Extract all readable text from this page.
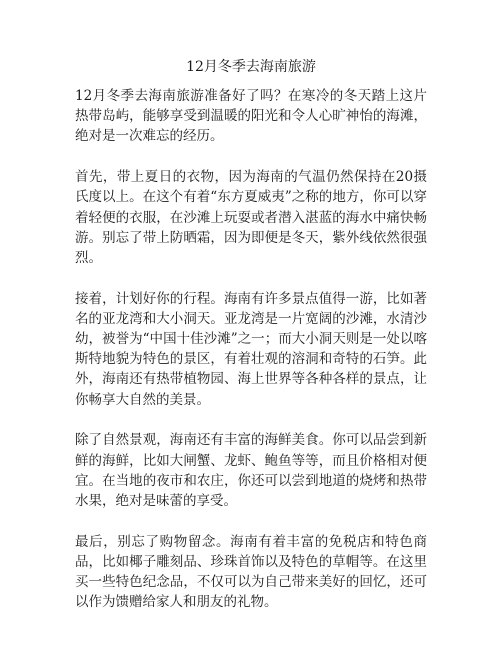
12月冬季去海南旅游

12月冬季去海南旅游准备好了吗？在寒冷的冬天踏上这片热带岛屿，能够享受到温暖的阳光和令人心旷神怡的海滩，绝对是一次难忘的经历。

首先，带上夏日的衣物，因为海南的气温仍然保持在20摄氏度以上。在这个有着“东方夏威夷”之称的地方，你可以穿着轻便的衣服，在沙滩上玩耍或者潜入湛蓝的海水中痛快畅游。别忘了带上防晒霜，因为即便是冬天，紫外线依然很强烈。

接着，计划好你的行程。海南有许多景点值得一游，比如著名的亚龙湾和大小洞天。亚龙湾是一片宽阔的沙滩，水清沙幼，被誉为“中国十佳沙滩”之一；而大小洞天则是一处以喀斯特地貌为特色的景区，有着壮观的溶洞和奇特的石笋。此外，海南还有热带植物园、海上世界等各种各样的景点，让你畅享大自然的美景。

除了自然景观，海南还有丰富的海鲜美食。你可以品尝到新鲜的海鲜，比如大闸蟹、龙虾、鲍鱼等等，而且价格相对便宜。在当地的夜市和农庄，你还可以尝到地道的烧烤和热带水果，绝对是味蕾的享受。

最后，别忘了购物留念。海南有着丰富的免税店和特色商品，比如椰子雕刻品、珍珠首饰以及特色的草帽等。在这里买一些特色纪念品，不仅可以为自己带来美好的回忆，还可以作为馈赠给家人和朋友的礼物。
